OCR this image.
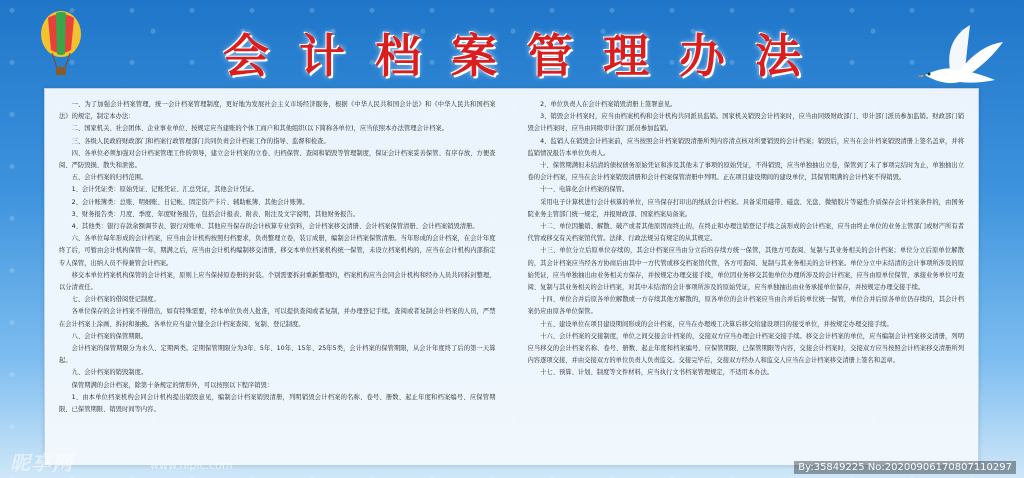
会计档案管理办法

一、为了加强会计档案管理，统一会计档案管理制度，更好地为发展社会主义市场经济服务，根据《中华人民共和国会计法》和《中华人民共和国档案法》的规定，制定本办法：

二、国家机关、社会团体、企业事业单位、按规定应当建账的个体工商户和其他组织(以下简称各单位)，应当依照本办法管理会计档案。

三、各级人民政府财政部门和档案行政管理部门共同负责会计档案工作的指导、监督和检查。

四、各单位必须加强对会计档案管理工作的领导，建立会计档案的立卷、归档保管、查阅和销毁等管理制度，保证会计档案妥善保管、有序存放、方便查阅、严防毁损、散失和泄密。

五、会计档案的归档范围。

1、会计凭证类：原始凭证、记账凭证、汇总凭证，其他会计凭证。

2、会计账簿类：总账、明细账、日记帐、固定资产卡片、辅助帐簿、其他会计账簿。

3、财务报告类：月度、季度、年度财务报告，包括会计报表、附表、附注及文字说明，其他财务报告。

4、其他类：银行存款余额调节表、银行对账单、其他应当保存的会计核算专业资料，会计档案移交清册、会计档案保管清册、会计档案销毁清册。

六、各单位每年形成的会计档案，应当由会计机构按照归档要求，负责整理立卷，装订成册，编制会计档案保管清册。当年形成的会计档案，在会计年度终了后，可暂由会计机构保管一年，期满之后，应当由会计机构编制移交清册，移交本单位档案机构统一保管，未设立档案机构的，应当在会计机构内部指定专人保管，出纳人员不得兼管会计档案。

移交本单位档案机构保管的会计档案，原则上应当保持原卷册的封装。个别需要拆封重新整理的，档案机构应当会同会计机构和经办人员共同拆封整理，以分清责任。

七、会计档案的借阅登记制度。

各单位保存的会计档案不得借出，如有特殊需要，经本单位负责人批准，可以提供查阅或者复制，并办理登记手续。查阅或者复制会计档案的人员，严禁在会计档案上涂画、拆封和抽换。各单位应当建立健全会计档案查阅、复制、登记制度。

八、会计档案的保管期限。

会计档案的保管期限分为永久、定期两类。定期保管期限分为3年、5年、10年、15年、25年5类，会计档案的保管期限，从会计年度终了后的第一天算起。

九、会计档案的销毁制度。

保管期满的会计档案，除第十条规定的情形外，可以按照以下程序销毁：

1、由本单位档案机构会同会计机构提出销毁意见，编制会计档案销毁清册，列明销毁会计档案的名称、卷号、册数、起止年度和档案编号、应保管期限、已保管期限、销毁时间等内容。

2、单位负责人在会计档案销毁清册上签署意见。

3、销毁会计档案时，应当由档案机构和会计机构共同派员监销。国家机关销毁会计档案时，应当由同级财政部门、审计部门派员参加监销。财政部门销毁会计档案时，应当由同级审计部门派员参加监销。

4、监销人在销毁会计档案前，应当按照会计档案销毁清册所列内容清点核对所要销毁的会计档案；销毁后，应当在会计档案销毁清册上签名盖章，并将监销情况报告本单位负责人。

十、保管期满但未结清的债权债务原始凭证和涉及其他未了事项的原始凭证，不得销毁，应当单独抽出立卷，保管到了未了事项完结时为止，单独抽出立卷的会计档案，应当在会计档案销毁清册和会计档案保管清册中列明。正在项目建设期间的建设单位，其保管期满的会计档案不得销毁。

十一、电算化会计档案的保管。

采用电子计算机进行会计核算的单位，应当保存打印出的纸质会计档案。具备采用磁带、磁盘、光盘、微缩胶片等磁性介质保存会计档案条件的，由国务院业务主管部门统一规定，并报财政部、国家档案局备案。

十二、单位因撤销、解散、破产或者其他原因而终止的，在终止和办理注销登记手续之前形成的会计档案，应当由终止单位的业务主管部门或财产所有者代管或移交有关档案馆代管。法律、行政法规另有规定的从其规定。

十三、单位分立后原单位存续的，其会计档案应当由分立后的存续方统一保管，其他方可查阅、复制与其业务相关的会计档案；单位分立后原单位解散的，其会计档案应当经各方协商后由其中一方代管或移交档案馆代管，各方可查阅、复制与其业务相关的会计档案。单位分立中未结清的会计事项所涉及的原始凭证，应当单独抽出由业务相关方保存，并按规定办理交接手续，单位因业务移交其他单位办理所涉及的会计档案，应当由原单位保管，承接业务单位可查阅、复制与其业务相关的会计档案，对其中未结清的会计事项所涉及的原始凭证，应当单独抽出由业务承接单位保存，并按规定办理交接手续。

十四、单位合并后原各单位解散或一方存续其他方解散的，原各单位的会计档案应当由合并后的单位统一保管，单位合并后原各单位仍存续的，其会计档案仍应由原各单位保管。

十五、建设单位在项目建设期间形成的会计档案，应当在办理竣工决算后移交给建设项目的接受单位，并按规定办理交接手续。

十六、会计档案的交接制度，单位之间交接会计档案的，交接双方应当办理会计档案交接手续。移交会计档案的单位，应当编制会计档案移交清册，列明应当移交的会计档案名称、卷号、册数、起止年度和档案编号、应保管期限、已保管期限等内容，交接会计档案时，交接双方应当按照会计档案移交清册所列内容逐项交接，并由交接双方的单位负责人负责监交。交接完毕后，交接双方经办人和监交人应当在会计档案移交清册上签名和盖章。

十七、预算、计划、制度等文件材料，应当执行文书档案管理规定，不适用本办法。

昵享网	www.nipic.com	By:35849225 No:20200906170807110297
